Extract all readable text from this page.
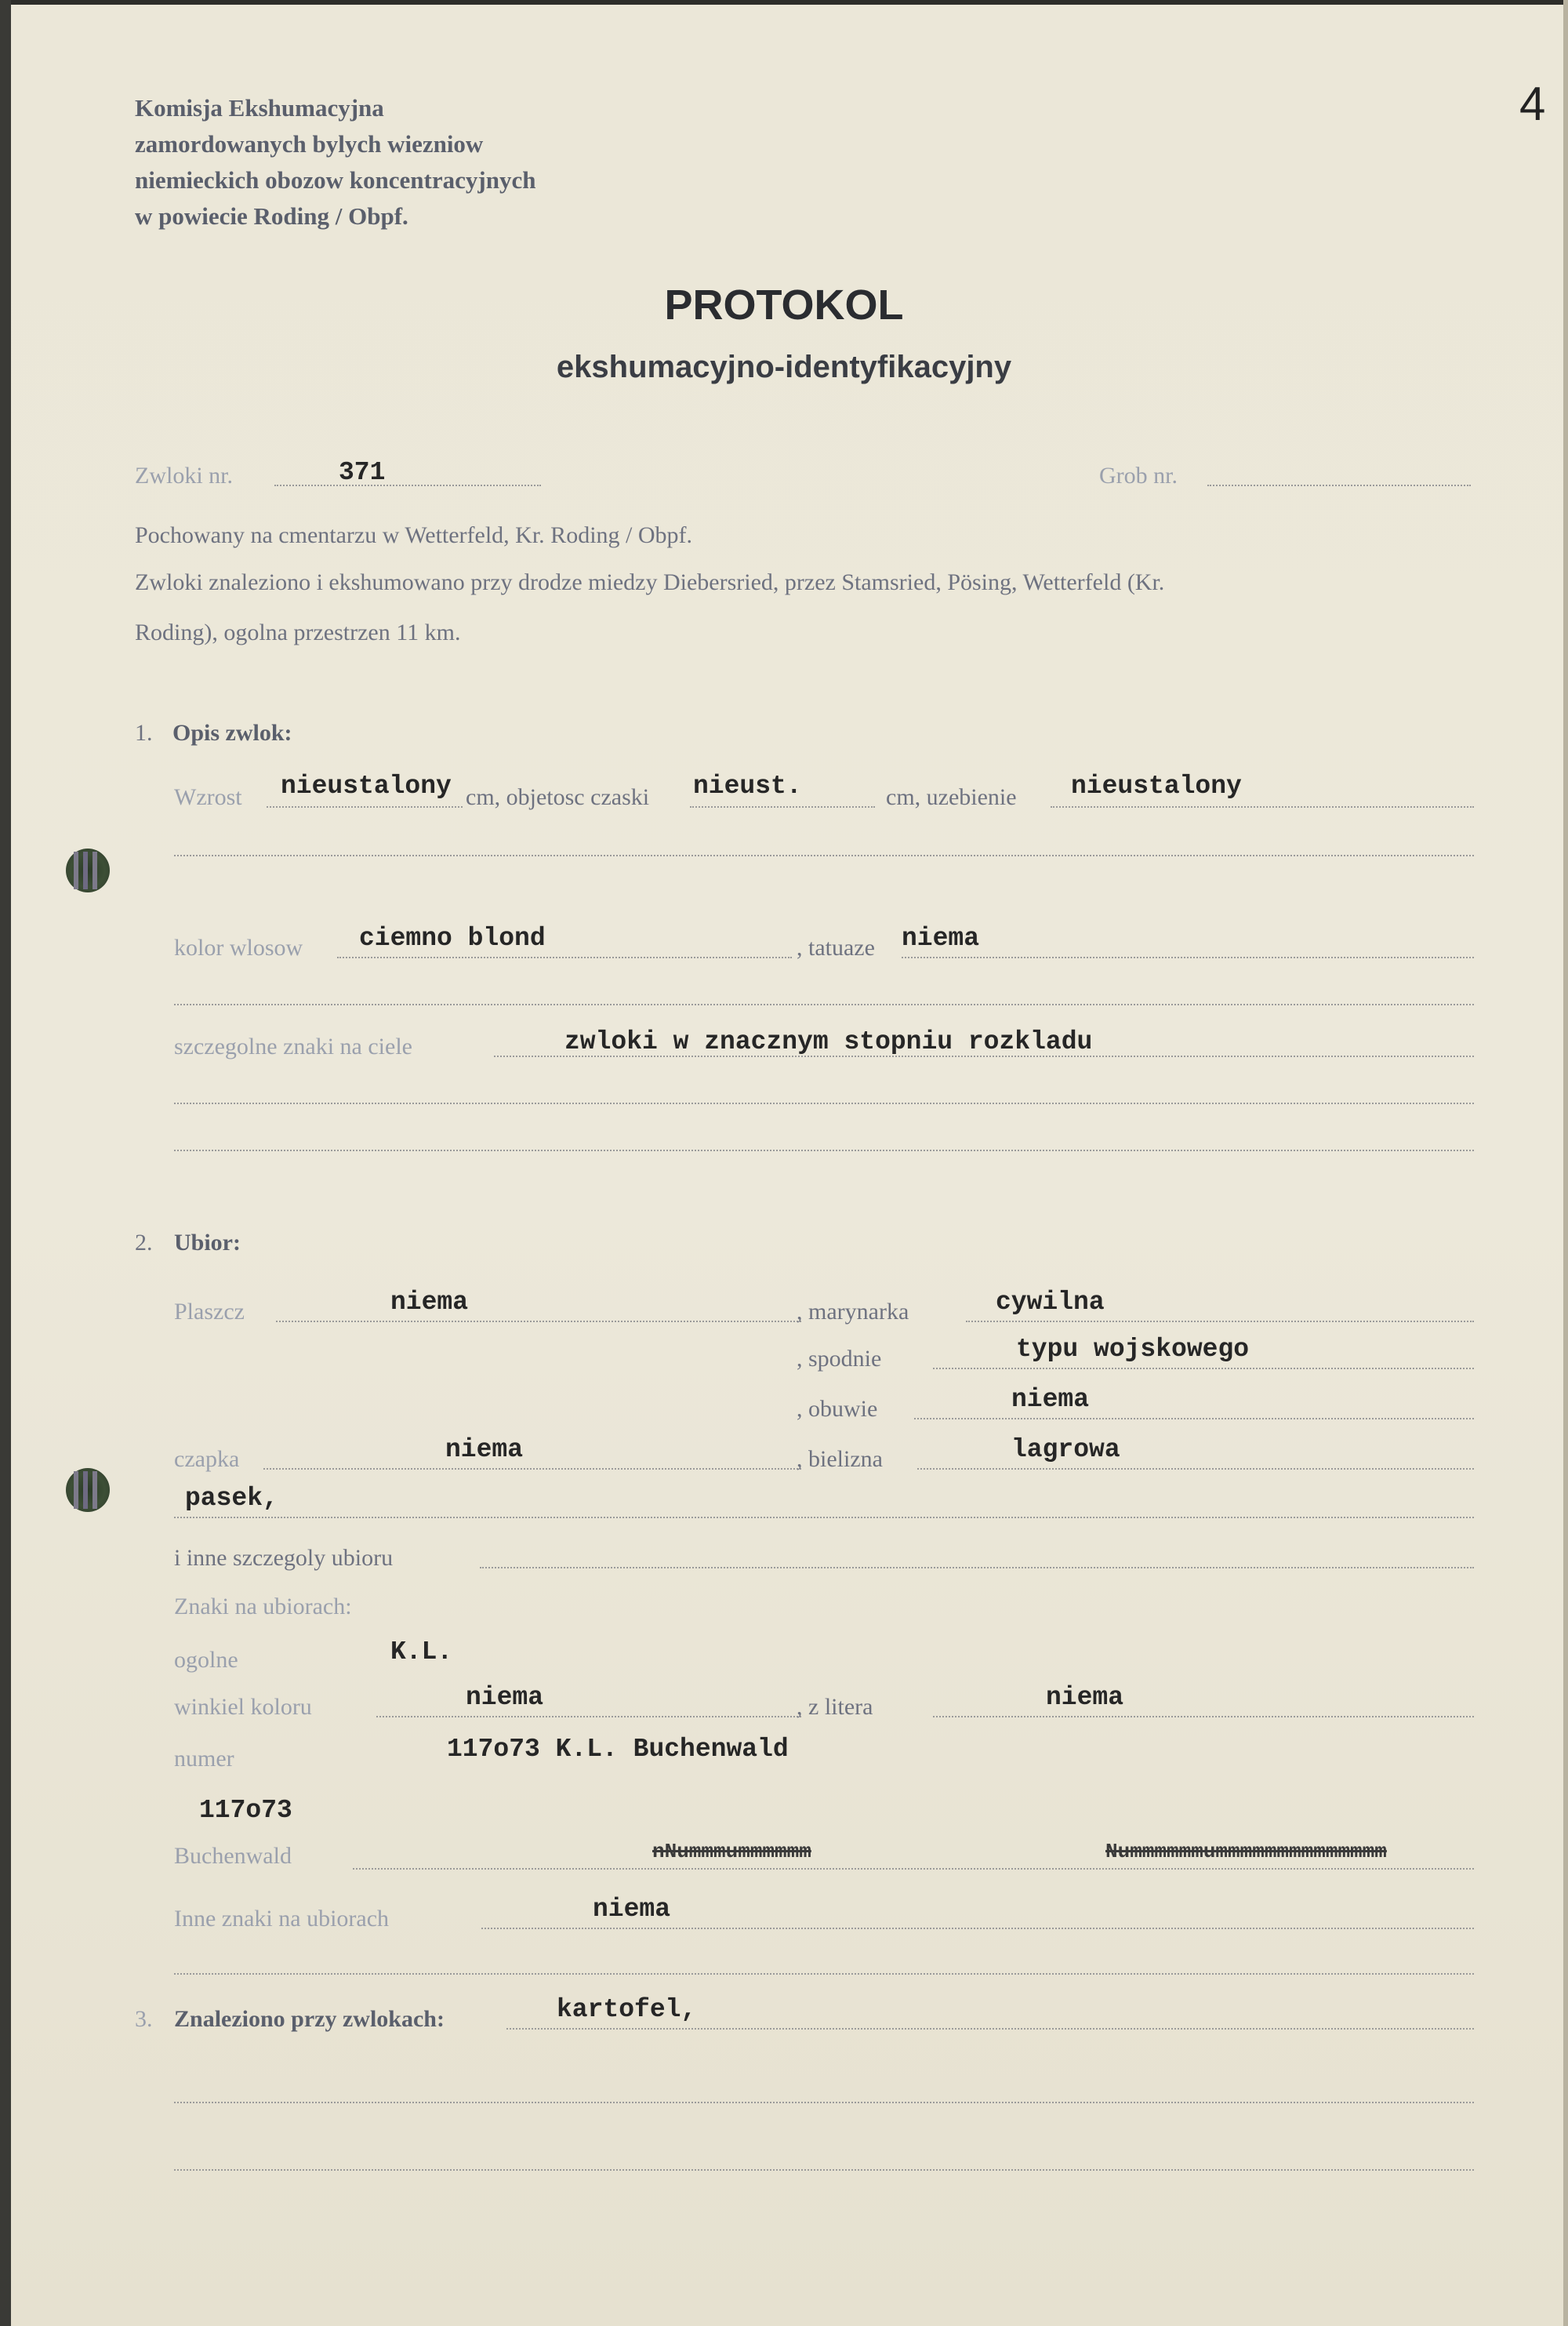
Komisja Ekshumacyjna
zamordowanych bylych wiezniow
niemieckich obozow koncentracyjnych
w powiecie Roding / Obpf.
4
PROTOKOL
ekshumacyjno-identyfikacyjny
Zwloki nr.	371	Grob nr.
Pochowany na cmentarzu w Wetterfeld, Kr. Roding / Obpf.
Zwloki znaleziono i ekshumowano przy drodze miedzy Diebersried, przez Stamsried, Pösing, Wetterfeld (Kr.
Roding), ogolna przestrzen 11 km.
1. Opis zwlok:
Wzrost nieustalony cm, objetosc czaski nieust.	cm, uzebienie nieustalony
kolor wlosow ciemno blond	, tatuaze niema
szczegolne znaki na ciele	zwloki w znacznym stopniu rozkladu
2. Ubior:
Plaszcz	niema	, marynarka	cywilna
, spodnie	typu wojskowego
, obuwie	niema
czapka	niema	, bielizna	lagrowa
pasek,
i inne szczegoly ubioru
Znaki na ubiorach:
ogolne	K.L.
winkiel koloru	niema	, z litera	niema
numer	117o73 K.L. Buchenwald
117o73
Buchenwald	nNummmummmmmm	Nummmmmmummmmmmmmmmmmmm
Inne znaki na ubiorach	niema
3. Znaleziono przy zwlokach:	kartofel,
